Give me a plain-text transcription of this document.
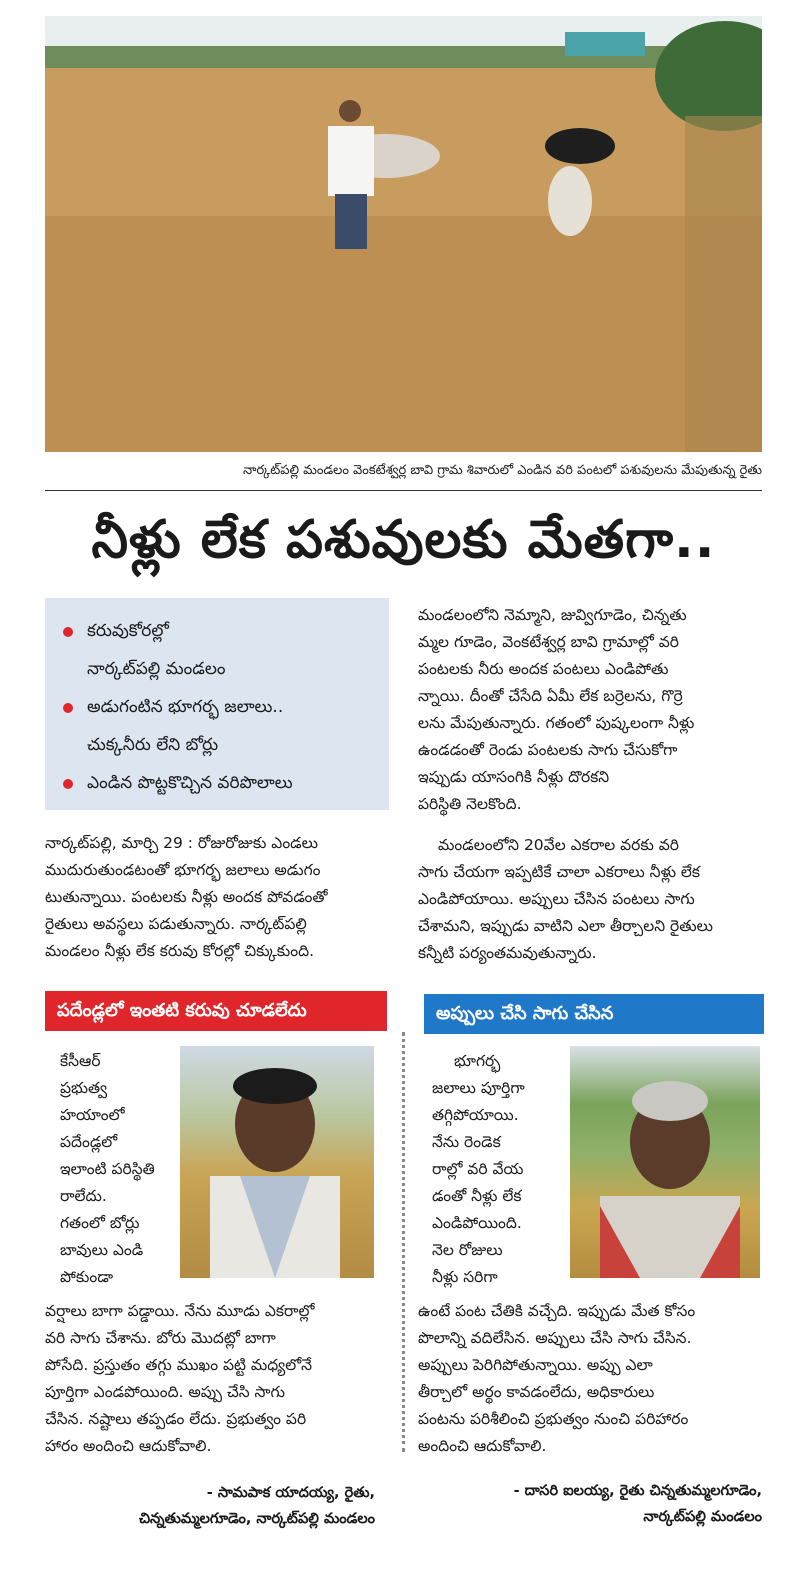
నార్కట్‌పల్లి మండలం వెంకటేశ్వర్ల బావి గ్రామ శివారులో ఎండిన వరి పంటలో పశువులను మేపుతున్న రైతు
నీళ్లు లేక పశువులకు మేతగా..
కరువుకోరల్లో
నార్కట్‌పల్లి మండలం
అడుగంటిన భూగర్భ జలాలు..
చుక్కనీరు లేని బోర్లు
ఎండిన పొట్టకొచ్చిన వరిపొలాలు

నార్కట్‌పల్లి, మార్చి 29 : రోజురోజుకు ఎండలు

ముదురుతుండటంతో భూగర్భ జలాలు అడుగం

టుతున్నాయి. పంటలకు నీళ్లు అందక పోవడంతో

రైతులు అవస్థలు పడుతున్నారు. నార్కట్‌పల్లి

మండలం నీళ్లు లేక కరువు కోరల్లో చిక్కుకుంది.

మండలంలోని నెమ్మాని, జువ్విగూడెం, చిన్నతు

మ్మల గూడెం, వెంకటేశ్వర్ల బావి గ్రామాల్లో వరి

పంటలకు నీరు అందక పంటలు ఎండిపోతు

న్నాయి. దీంతో చేసేది ఏమీ లేక బర్రెలను, గొర్రె

లను మేపుతున్నారు. గతంలో పుష్కలంగా నీళ్లు

ఉండడంతో రెండు పంటలకు సాగు చేసుకోగా

ఇప్పుడు యాసంగికి నీళ్లు దొరకని

పరిస్థితి నెలకొంది.

మండలంలోని 20వేల ఎకరాల వరకు వరి

సాగు చేయగా ఇప్పటికే చాలా ఎకరాలు నీళ్లు లేక

ఎండిపోయాయి. అప్పులు చేసిన పంటలు సాగు

చేశామని, ఇప్పుడు వాటిని ఎలా తీర్చాలని రైతులు

కన్నీటి పర్యంతమవుతున్నారు.

పదేండ్లలో ఇంతటి కరువు చూడలేదు
కేసీఆర్
ప్రభుత్వ
హయాంలో
పదేండ్లలో
ఇలాంటి పరిస్థితి
రాలేదు.
గతంలో బోర్లు
బావులు ఎండి
పోకుండా

వర్షాలు బాగా పడ్డాయి. నేను మూడు ఎకరాల్లో

వరి సాగు చేశాను. బోరు మొదట్లో బాగా

పోసేది. ప్రస్తుతం తగ్గు ముఖం పట్టి మధ్యలోనే

పూర్తిగా ఎండపోయింది. అప్పు చేసి సాగు

చేసిన. నష్టాలు తప్పడం లేదు. ప్రభుత్వం పరి

హారం అందించి ఆదుకోవాలి.

- సామపాక యాదయ్య, రైతు,
చిన్నతుమ్మలగూడెం, నార్కట్‌పల్లి మండలం
అప్పులు చేసి సాగు చేసిన
భూగర్భ
జలాలు పూర్తిగా
తగ్గిపోయాయి.
నేను రెండెక
రాల్లో వరి వేయ
డంతో నీళ్లు లేక
ఎండిపోయింది.
నెల రోజులు
నీళ్లు సరిగా

ఉంటే పంట చేతికి వచ్చేది. ఇప్పుడు మేత కోసం

పొలాన్ని వదిలేసిన. అప్పులు చేసి సాగు చేసిన.

అప్పులు పెరిగిపోతున్నాయి. అప్పు ఎలా

తీర్చాలో అర్థం కావడంలేదు, అధికారులు

పంటను పరిశీలించి ప్రభుత్వం నుంచి పరిహారం

అందించి ఆదుకోవాలి.

- దాసరి ఐలయ్య, రైతు చిన్నతుమ్మలగూడెం,
నార్కట్‌పల్లి మండలం
